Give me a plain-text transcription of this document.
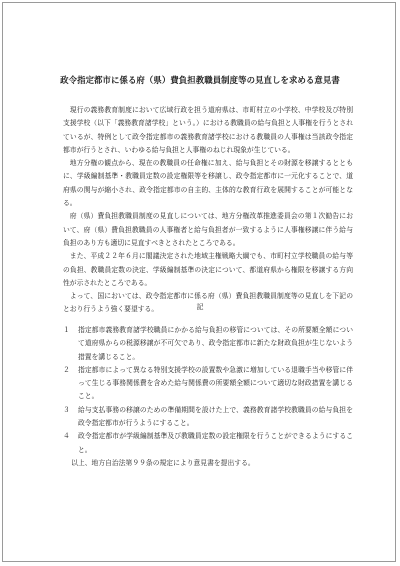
政令指定都市に係る府（県）費負担教職員制度等の見直しを求める意見書

現行の義務教育制度において広域行政を担う道府県は、市町村立の小学校、中学校及び特別支援学校（以下「義務教育諸学校」という。）における教職員の給与負担と人事権を行うとされているが、特例として政令指定都市の義務教育諸学校における教職員の人事権は当該政令指定都市が行うとされ、いわゆる給与負担と人事権のねじれ現象が生じている。

地方分権の観点から、現在の教職員の任命権に加え、給与負担とその財源を移譲するとともに、学級編制基準・教職員定数の設定権限等を移譲し、政令指定都市に一元化することで、道府県の関与が縮小され、政令指定都市の自主的、主体的な教育行政を展開することが可能となる。

府（県）費負担教職員制度の見直しについては、地方分権改革推進委員会の第１次勧告において、府（県）費負担教職員の人事権者と給与負担者が一致するように人事権移譲に伴う給与負担のあり方も適切に見直すべきとされたところである。

また、平成２２年６月に閣議決定された地域主権戦略大綱でも、市町村立学校職員の給与等の負担、教職員定数の決定、学級編制基準の決定について、都道府県から権限を移譲する方向性が示されたところである。

よって、国においては、政令指定都市に係る府（県）費負担教職員制度等の見直しを下記のとおり行うよう強く要望する。	記
１	指定都市義務教育諸学校職員にかかる給与負担の移管については、その所要額全額について道府県からの税源移譲が不可欠であり、政令指定都市に新たな財政負担が生じないよう措置を講じること。
２	指定都市によって異なる特別支援学校の設置数や急激に増加している退職手当や移管に伴って生じる事務関係費を含めた給与関係費の所要額全額について適切な財政措置を講じること。
３	給与支払事務の移譲のための準備期間を設けた上で、義務教育諸学校教職員の給与負担を政令指定都市が行うようにすること。
４	政令指定都市が学級編制基準及び教職員定数の設定権限を行うことができるようにすること。

以上、地方自治法第９９条の規定により意見書を提出する。
